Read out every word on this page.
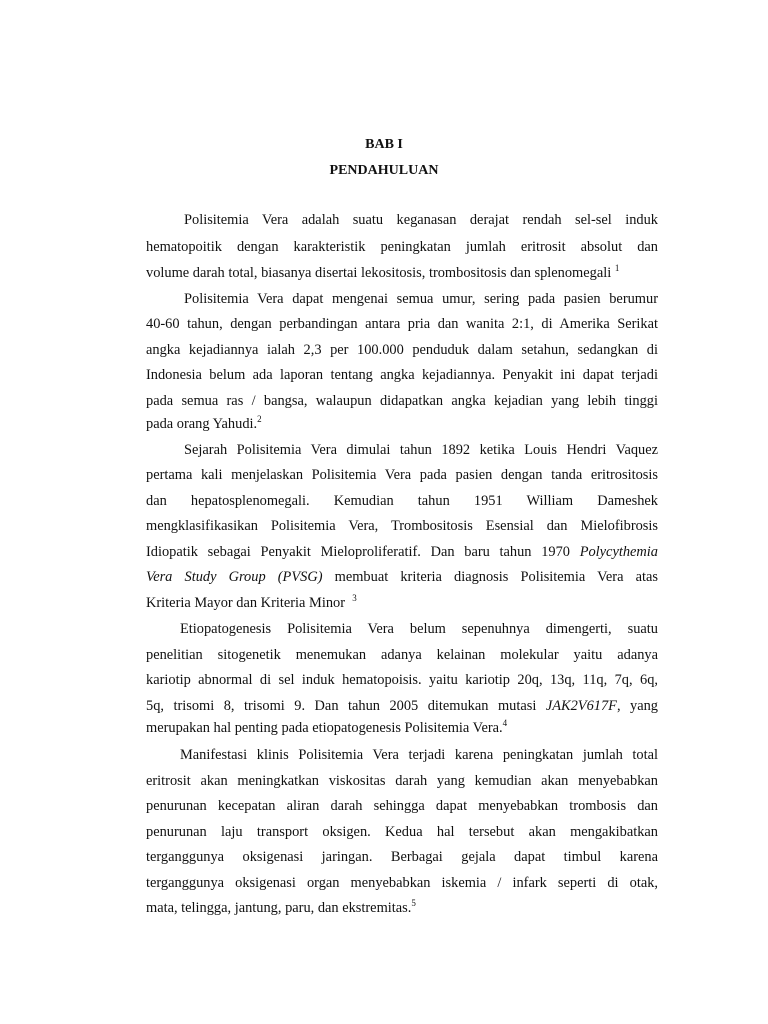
BAB I
PENDAHULUAN
Polisitemia Vera adalah suatu keganasan derajat rendah sel-sel induk
hematopoitik dengan karakteristik peningkatan jumlah eritrosit absolut dan
volume darah total, biasanya disertai lekositosis, trombositosis dan splenomegali $^1$
Polisitemia Vera dapat mengenai semua umur, sering pada pasien berumur
40-60 tahun, dengan perbandingan antara pria dan wanita 2:1, di Amerika Serikat
angka kejadiannya ialah 2,3 per 100.000 penduduk dalam setahun, sedangkan di
Indonesia belum ada laporan tentang angka kejadiannya. Penyakit ini dapat terjadi
pada semua ras / bangsa, walaupun didapatkan angka kejadian yang lebih tinggi
pada orang Yahudi.$^2$
Sejarah Polisitemia Vera dimulai tahun 1892 ketika Louis Hendri Vaquez
pertama kali menjelaskan Polisitemia Vera pada pasien dengan tanda eritrositosis
dan hepatosplenomegali. Kemudian tahun 1951 William Dameshek
mengklasifikasikan Polisitemia Vera, Trombositosis Esensial dan Mielofibrosis
Idiopatik sebagai Penyakit Mieloproliferatif. Dan baru tahun 1970 Polycythemia
Vera Study Group (PVSG) membuat kriteria diagnosis Polisitemia Vera atas
Kriteria Mayor dan Kriteria Minor $^3$
Etiopatogenesis Polisitemia Vera belum sepenuhnya dimengerti, suatu
penelitian sitogenetik menemukan adanya kelainan molekular yaitu adanya
kariotip abnormal di sel induk hematopoisis. yaitu kariotip 20q, 13q, 11q, 7q, 6q,
5q, trisomi 8, trisomi 9. Dan tahun 2005 ditemukan mutasi JAK2V617F, yang
merupakan hal penting pada etiopatogenesis Polisitemia Vera.$^4$
Manifestasi klinis Polisitemia Vera terjadi karena peningkatan jumlah total
eritrosit akan meningkatkan viskositas darah yang kemudian akan menyebabkan
penurunan kecepatan aliran darah sehingga dapat menyebabkan trombosis dan
penurunan laju transport oksigen. Kedua hal tersebut akan mengakibatkan
terganggunya oksigenasi jaringan. Berbagai gejala dapat timbul karena
terganggunya oksigenasi organ menyebabkan iskemia / infark seperti di otak,
mata, telingga, jantung, paru, dan ekstremitas.$^5$
